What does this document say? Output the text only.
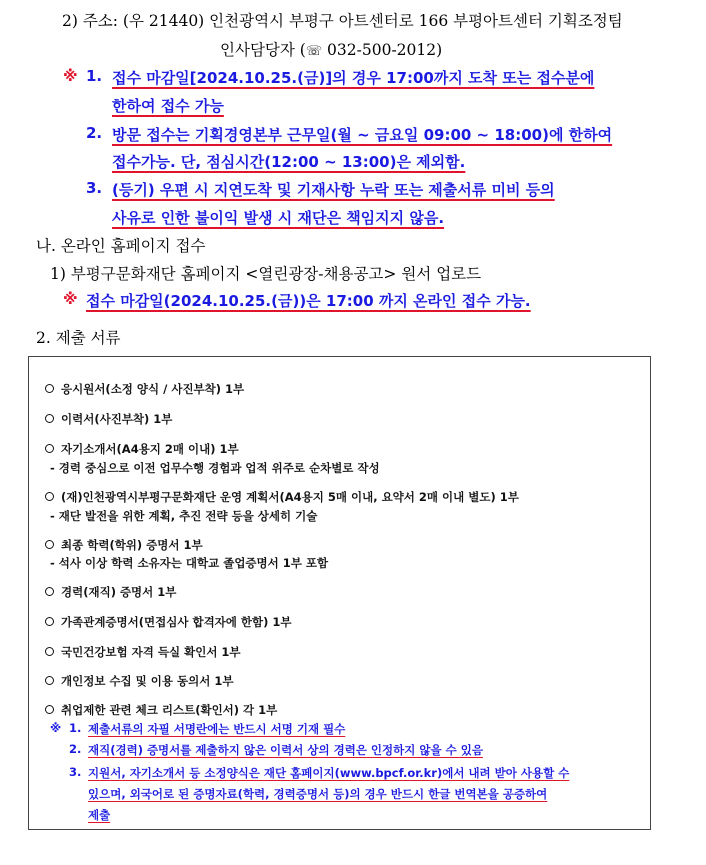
2) 주소: (우 21440) 인천광역시 부평구 아트센터로 166 부평아트센터 기획조정팀
인사담당자 (☏ 032-500-2012)
※ 1. 접수 마감일[2024.10.25.(금)]의 경우 17:00까지 도착 또는 접수분에
한하여 접수 가능
2. 방문 접수는 기획경영본부 근무일(월 ~ 금요일 09:00 ~ 18:00)에 한하여
접수가능. 단, 점심시간(12:00 ~ 13:00)은 제외함.
3. (등기) 우편 시 지연도착 및 기재사항 누락 또는 제출서류 미비 등의
사유로 인한 불이익 발생 시 재단은 책임지지 않음.
나. 온라인 홈페이지 접수
1) 부평구문화재단 홈페이지 <열린광장-채용공고> 원서 업로드
※ 접수 마감일(2024.10.25.(금))은 17:00 까지 온라인 접수 가능.
2. 제출 서류
응시원서(소정 양식 / 사진부착) 1부
이력서(사진부착) 1부
자기소개서(A4용지 2매 이내) 1부
- 경력 중심으로 이전 업무수행 경험과 업적 위주로 순차별로 작성
(재)인천광역시부평구문화재단 운영 계획서(A4용지 5매 이내, 요약서 2매 이내 별도) 1부
- 재단 발전을 위한 계획, 추진 전략 등을 상세히 기술
최종 학력(학위) 증명서 1부
- 석사 이상 학력 소유자는 대학교 졸업증명서 1부 포함
경력(재직) 증명서 1부
가족관계증명서(면접심사 합격자에 한함) 1부
국민건강보험 자격 득실 확인서 1부
개인정보 수집 및 이용 동의서 1부
취업제한 관련 체크 리스트(확인서) 각 1부
※ 1. 제출서류의 자필 서명란에는 반드시 서명 기재 필수
2. 재직(경력) 증명서를 제출하지 않은 이력서 상의 경력은 인정하지 않을 수 있음
3. 지원서, 자기소개서 등 소정양식은 재단 홈페이지(www.bpcf.or.kr)에서 내려 받아 사용할 수
있으며, 외국어로 된 증명자료(학력, 경력증명서 등)의 경우 반드시 한글 번역본을 공증하여
제출
